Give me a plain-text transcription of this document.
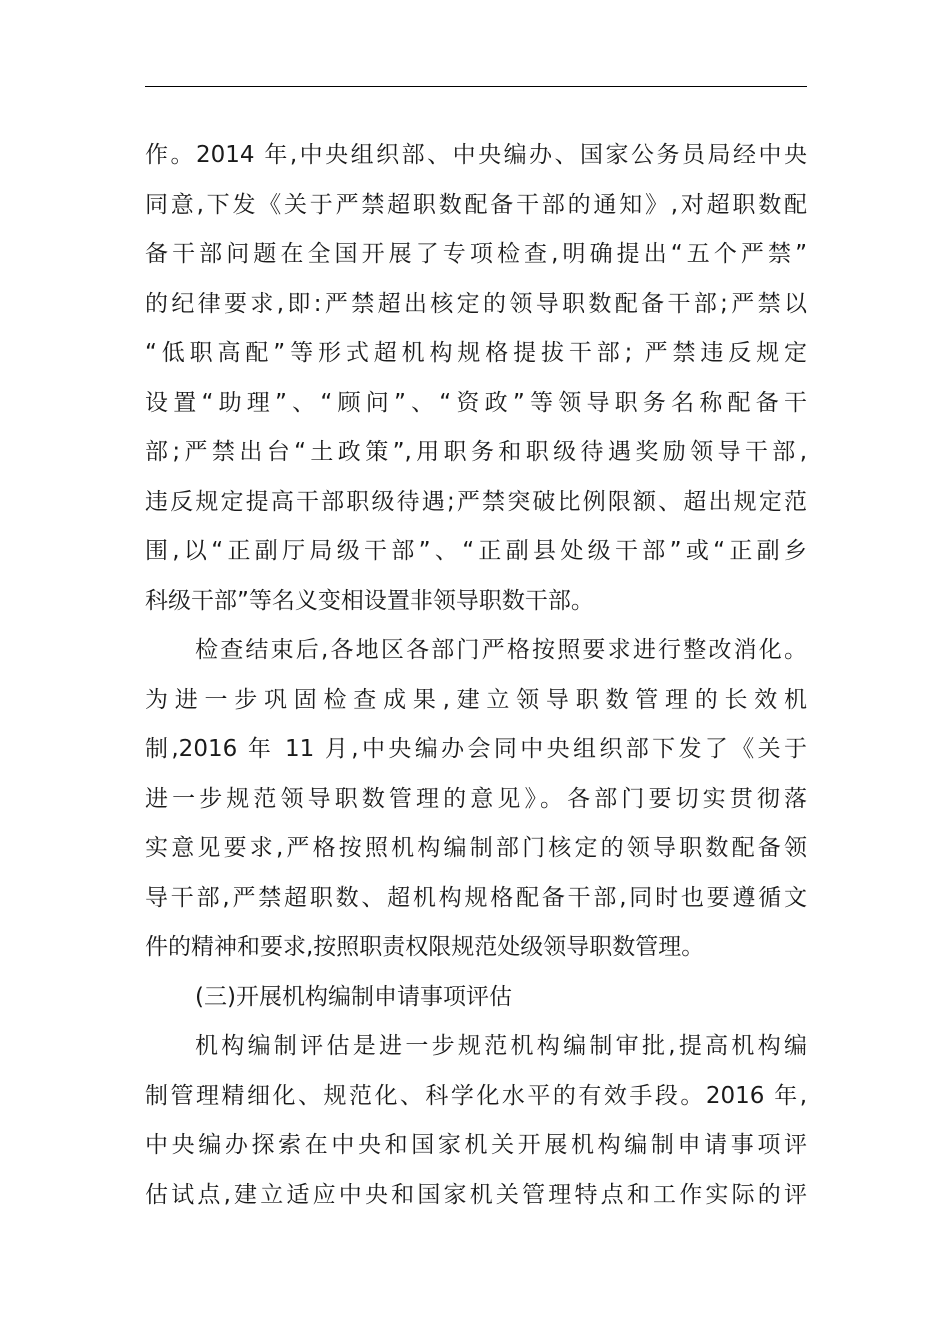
作。2014 年,中央组织部、中央编办、国家公务员局经中央
同意,下发《关于严禁超职数配备干部的通知》,对超职数配
备干部问题在全国开展了专项检查,明确提出“五个严禁”
的纪律要求,即:严禁超出核定的领导职数配备干部;严禁以
“低职高配”等形式超机构规格提拔干部; 严禁违反规定
设置“助理”、“顾问”、“资政”等领导职务名称配备干
部;严禁出台“土政策”,用职务和职级待遇奖励领导干部,
违反规定提高干部职级待遇;严禁突破比例限额、超出规定范
围,以“正副厅局级干部”、“正副县处级干部”或“正副乡
科级干部”等名义变相设置非领导职数干部。
检查结束后,各地区各部门严格按照要求进行整改消化。
为进一步巩固检查成果,建立领导职数管理的长效机
制,2016 年 11 月,中央编办会同中央组织部下发了《关于
进一步规范领导职数管理的意见》。各部门要切实贯彻落
实意见要求,严格按照机构编制部门核定的领导职数配备领
导干部,严禁超职数、超机构规格配备干部,同时也要遵循文
件的精神和要求,按照职责权限规范处级领导职数管理。
(三)开展机构编制申请事项评估
机构编制评估是进一步规范机构编制审批,提高机构编
制管理精细化、规范化、科学化水平的有效手段。2016 年,
中央编办探索在中央和国家机关开展机构编制申请事项评
估试点,建立适应中央和国家机关管理特点和工作实际的评
